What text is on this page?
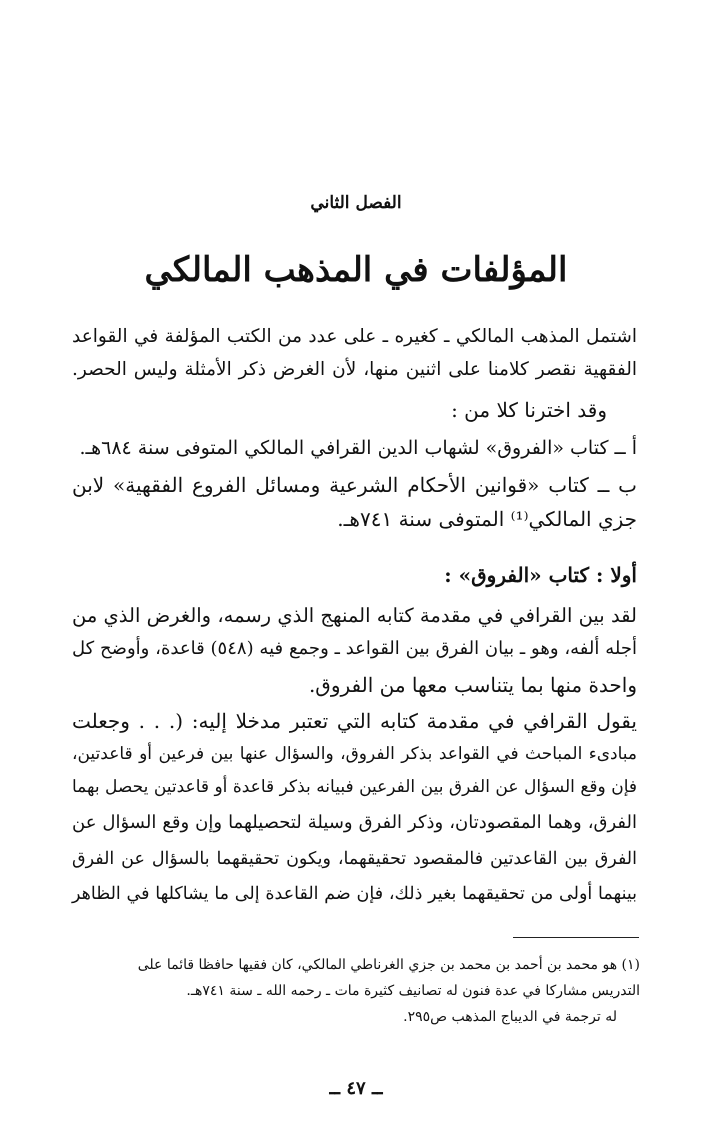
الفصل الثاني
المؤلفات في المذهب المالكي
اشتمل المذهب المالكي ـ كغيره ـ على عدد من الكتب المؤلفة في القواعد
الفقهية نقصر كلامنا على اثنين منها، لأن الغرض ذكر الأمثلة وليس الحصر.
وقد اخترنا كلا من :
أ ــ كتاب «الفروق» لشهاب الدين القرافي المالكي المتوفى سنة ٦٨٤هـ.
ب ــ كتاب «قوانين الأحكام الشرعية ومسائل الفروع الفقهية» لابن
جزي المالكي⁽¹⁾ المتوفى سنة ٧٤١هـ.
أولا : كتاب «الفروق» :
لقد بين القرافي في مقدمة كتابه المنهج الذي رسمه، والغرض الذي من
أجله ألفه، وهو ـ بيان الفرق بين القواعد ـ وجمع فيه (٥٤٨) قاعدة، وأوضح كل
واحدة منها بما يتناسب معها من الفروق.
يقول القرافي في مقدمة كتابه التي تعتبر مدخلا إليه: (. . . وجعلت
مبادىء المباحث في القواعد بذكر الفروق، والسؤال عنها بين فرعين أو قاعدتين،
فإن وقع السؤال عن الفرق بين الفرعين فبيانه بذكر قاعدة أو قاعدتين يحصل بهما
الفرق، وهما المقصودتان، وذكر الفرق وسيلة لتحصيلهما وإن وقع السؤال عن
الفرق بين القاعدتين فالمقصود تحقيقهما، ويكون تحقيقهما بالسؤال عن الفرق
بينهما أولى من تحقيقهما بغير ذلك، فإن ضم القاعدة إلى ما يشاكلها في الظاهر
(١) هو محمد بن أحمد بن محمد بن جزي الغرناطي المالكي، كان فقيها حافظا قائما على
التدريس مشاركا في عدة فنون له تصانيف كثيرة مات ـ رحمه الله ـ سنة ٧٤١هـ.
له ترجمة في الديباج المذهب ص٢٩٥.
ــ ٤٧ ــ
